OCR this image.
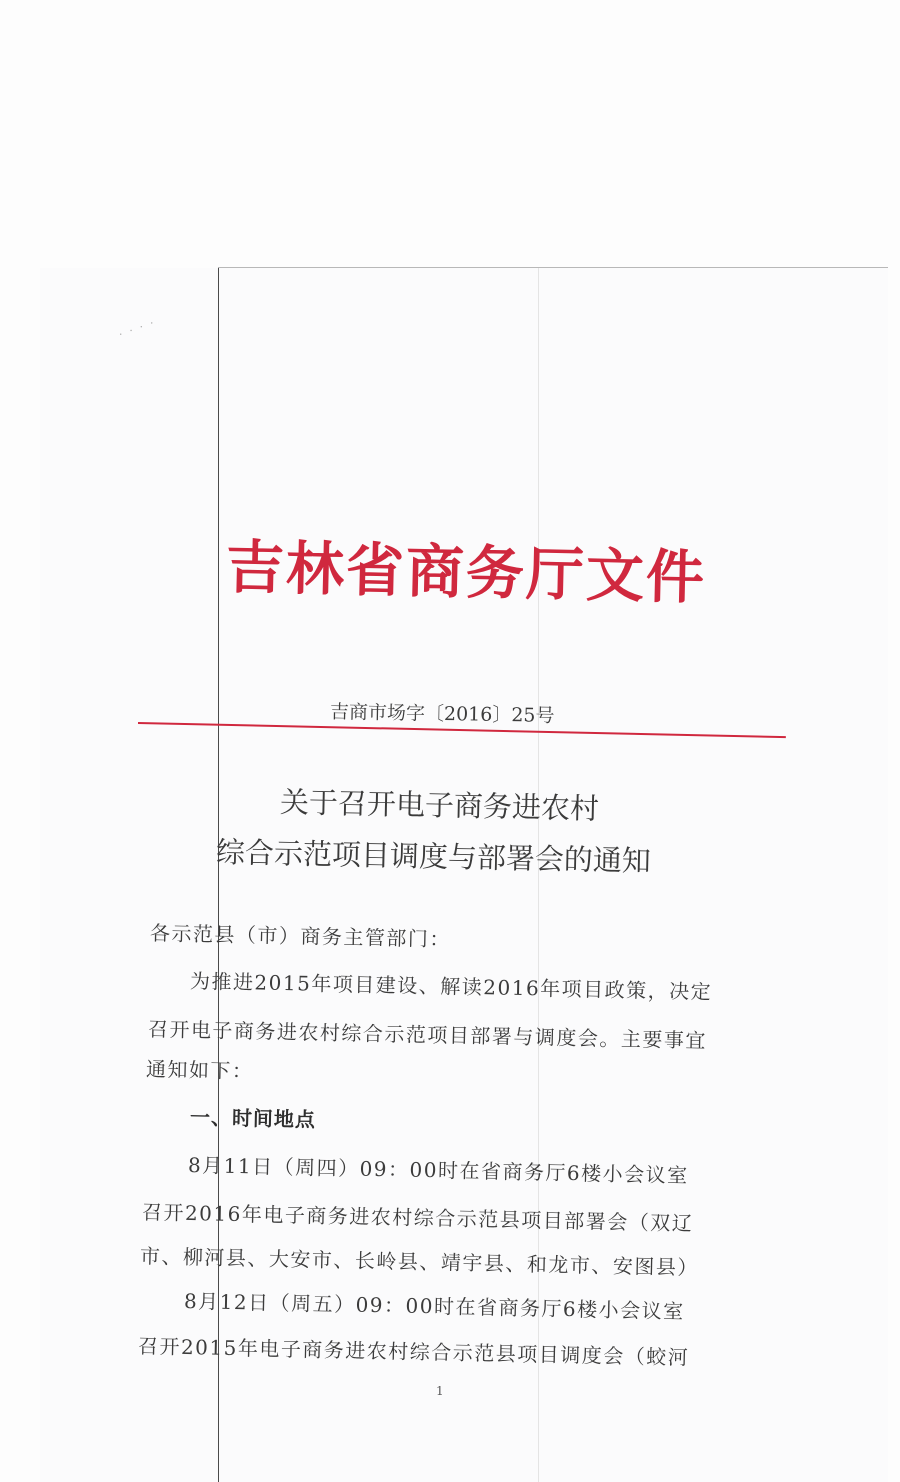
· · · ·
吉林省商务厅文件
吉商市场字〔2016〕25号
关于召开电子商务进农村
综合示范项目调度与部署会的通知
各示范县（市）商务主管部门：
为推进2015年项目建设、解读2016年项目政策，决定
召开电子商务进农村综合示范项目部署与调度会。主要事宜
通知如下：
一、时间地点
8月11日（周四）09：00时在省商务厅6楼小会议室
召开2016年电子商务进农村综合示范县项目部署会（双辽
市、柳河县、大安市、长岭县、靖宇县、和龙市、安图县）
8月12日（周五）09：00时在省商务厅6楼小会议室
召开2015年电子商务进农村综合示范县项目调度会（蛟河
1
